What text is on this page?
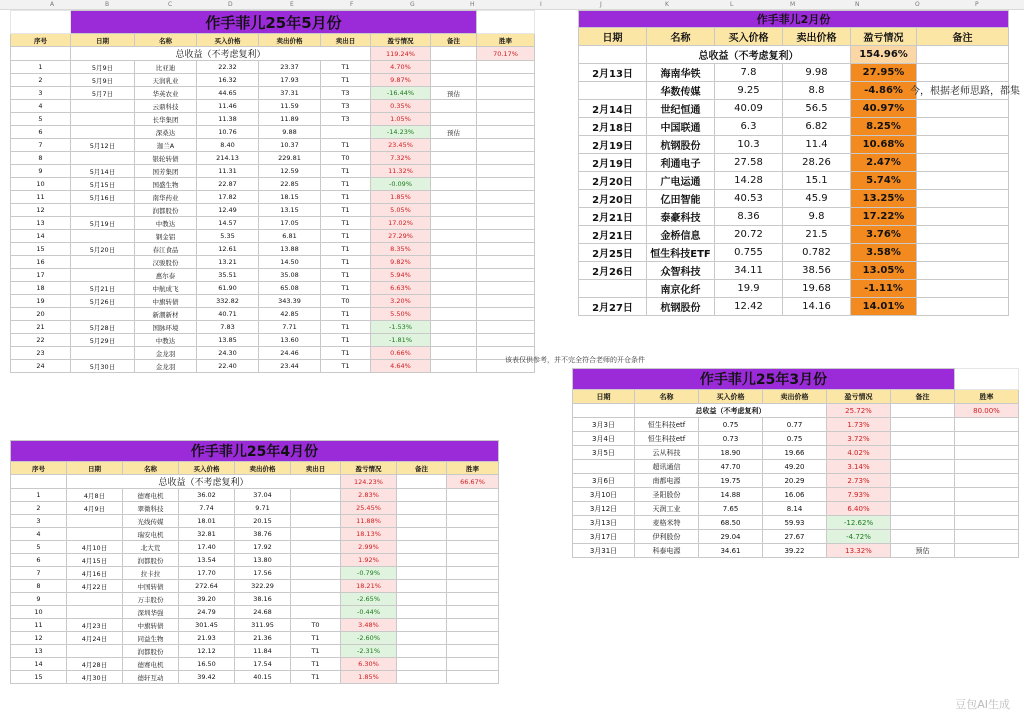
A	B	C	D	E	F	G	H	I	J	K	L	M	N	O	P
	作手菲儿25年5月份							
序号	日期	名称	买入价格	卖出价格	卖出日	盈亏情况	备注	胜率
	总收益（不考虑复利）					119.24%		70.17%
1	5月9日	比亚迪	22.32	23.37	T1	4.70%		
2	5月9日	天润乳业	16.32	17.93	T1	9.87%		
3	5月7日	华英农业	44.65	37.31	T3	-16.44%	预估	
4		云鼎科技	11.46	11.59	T3	0.35%		
5		长华集团	11.38	11.89	T3	1.05%		
6		深桑达	10.76	9.88		-14.23%	预估	
7	5月12日	迦兰A	8.40	10.37	T1	23.45%		
8		银轮转债	214.13	229.81	T0	7.32%		
9	5月14日	国芳集团	11.31	12.59	T1	11.32%		
10	5月15日	国盛生物	22.87	22.85	T1	-0.09%		
11	5月16日	南华药业	17.82	18.15	T1	1.85%		
12		润都股份	12.49	13.15	T1	5.05%		
13	5月19日	中教达	14.57	17.05	T1	17.02%		
14		钢金铝	5.35	6.81	T1	27.29%		
15	5月20日	春江食品	12.61	13.88	T1	8.35%		
16		汉骏股份	13.21	14.50	T1	9.82%		
17		惠尔泰	35.51	35.08	T1	5.94%		
18	5月21日	中航成飞	61.90	65.08	T1	6.63%		
19	5月26日	中旗转债	332.82	343.39	T0	3.20%		
20		新潮新材	40.71	42.85	T1	5.50%		
21	5月28日	国脉环境	7.83	7.71	T1	-1.53%		
22	5月29日	中教达	13.85	13.60	T1	-1.81%		
23		金龙羽	24.30	24.46	T1	0.66%		
24	5月30日	金龙羽	22.40	23.44	T1	4.64%		
作手菲儿2月份					
日期	名称	买入价格	卖出价格	盈亏情况	备注
	总收益（不考虑复利）			154.96%	
2月13日	海南华铁	7.8	9.98	27.95%	
	华数传媒	9.25	8.8	-4.86%	
2月14日	世纪恒通	40.09	56.5	40.97%	
2月18日	中国联通	6.3	6.82	8.25%	
2月19日	杭钢股份	10.3	11.4	10.68%	
2月19日	利通电子	27.58	28.26	2.47%	
2月20日	广电运通	14.28	15.1	5.74%	
2月20日	亿田智能	40.53	45.9	13.25%	
2月21日	泰豪科技	8.36	9.8	17.22%	
2月21日	金桥信息	20.72	21.5	3.76%	
2月25日	恒生科技ETF	0.755	0.782	3.58%	
2月26日	众智科技	34.11	38.56	13.05%	
	南京化纤	19.9	19.68	-1.11%	
2月27日	杭钢股份	12.42	14.16	14.01%	
今，根据老师思路，都集
该表仅供参考，并不完全符合老师的开仓条件
作手菲儿25年4月份								
序号	日期	名称	买入价格	卖出价格	卖出日	盈亏情况	备注	胜率
	总收益（不考虑复利）					124.23%		66.67%
1	4月8日	德赛电机	36.02	37.04		2.83%		
2	4月9日	翠微科技	7.74	9.71		25.45%		
3		光线传媒	18.01	20.15		11.88%		
4		瑞安电机	32.81	38.76		18.13%		
5	4月10日	北大荒	17.40	17.92		2.99%		
6	4月15日	润都股份	13.54	13.80		1.92%		
7	4月16日	拉卡拉	17.70	17.56		-0.79%		
8	4月22日	中国转债	272.64	322.29		18.21%		
9		万丰股份	39.20	38.16		-2.65%		
10		深圳华强	24.79	24.68		-0.44%		
11	4月23日	中旗转债	301.45	311.95	T0	3.48%		
12	4月24日	同益生物	21.93	21.36	T1	-2.60%		
13		润都股份	12.12	11.84	T1	-2.31%		
14	4月28日	德赛电机	16.50	17.54	T1	6.30%		
15	4月30日	德轩互动	39.42	40.15	T1	1.85%		
作手菲儿25年3月份						
日期	名称	买入价格	卖出价格	盈亏情况	备注	胜率
	总收益（不考虑复利）			25.72%		80.00%
3月3日	恒生科技etf	0.75	0.77	1.73%		
3月4日	恒生科技etf	0.73	0.75	3.72%		
3月5日	云从科技	18.90	19.66	4.02%		
	超讯通信	47.70	49.20	3.14%		
3月6日	南都电源	19.75	20.29	2.73%		
3月10日	圣阳股份	14.88	16.06	7.93%		
3月12日	天润工业	7.65	8.14	6.40%		
3月13日	麦格米特	68.50	59.93	-12.62%		
3月17日	伊利股份	29.04	27.67	-4.72%		
3月31日	科泰电源	34.61	39.22	13.32%	预估	
豆包AI生成
